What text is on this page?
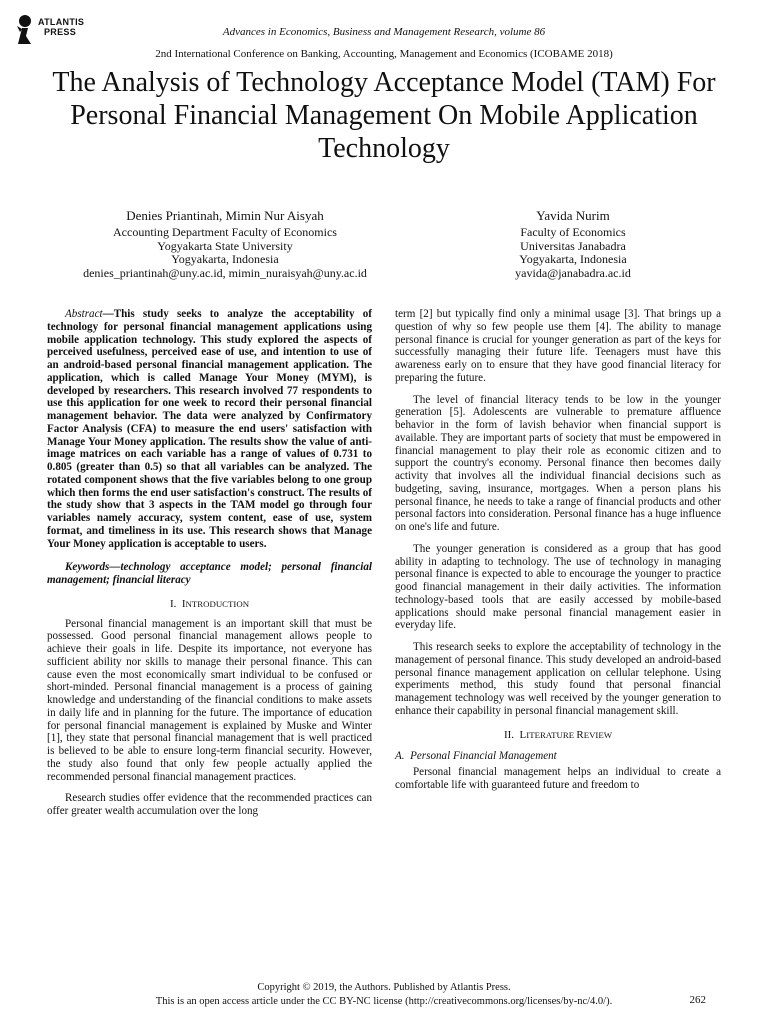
ATLANTIS
PRESS	Advances in Economics, Business and Management Research, volume 86
2nd International Conference on Banking, Accounting, Management and Economics (ICOBAME 2018)
The Analysis of Technology Acceptance Model (TAM) For Personal Financial Management On Mobile Application Technology
Denies Priantinah, Mimin Nur Aisyah
Accounting Department Faculty of Economics
Yogyakarta State University
Yogyakarta, Indonesia
denies_priantinah@uny.ac.id, mimin_nuraisyah@uny.ac.id
Yavida Nurim
Faculty of Economics
Universitas Janabadra
Yogyakarta, Indonesia
yavida@janabadra.ac.id

Abstract—This study seeks to analyze the acceptability of technology for personal financial management applications using mobile application technology. This study explored the aspects of perceived usefulness, perceived ease of use, and intention to use of an android-based personal financial management application. The application, which is called Manage Your Money (MYM), is developed by researchers. This research involved 77 respondents to use this application for one week to record their personal financial management behavior. The data were analyzed by Confirmatory Factor Analysis (CFA) to measure the end users' satisfaction with Manage Your Money application. The results show the value of anti-image matrices on each variable has a range of values of 0.731 to 0.805 (greater than 0.5) so that all variables can be analyzed. The rotated component shows that the five variables belong to one group which then forms the end user satisfaction's construct. The results of the study show that 3 aspects in the TAM model go through four variables namely accuracy, system content, ease of use, system format, and timeliness in its use. This research shows that Manage Your Money application is acceptable to users.

Keywords—technology acceptance model; personal financial management; financial literacy

I. INTRODUCTION

Personal financial management is an important skill that must be possessed. Good personal financial management allows people to achieve their goals in life. Despite its importance, not everyone has sufficient ability nor skills to manage their personal finance. This can cause even the most economically smart individual to be confused or short-minded. Personal financial management is a process of gaining knowledge and understanding of the financial conditions to make assets in daily life and in planning for the future. The importance of education for personal financial management is explained by Muske and Winter [1], they state that personal financial management that is well practiced is believed to be able to ensure long-term financial security. However, the study also found that only few people actually applied the recommended personal financial management practices.

Research studies offer evidence that the recommended practices can offer greater wealth accumulation over the long

term [2] but typically find only a minimal usage [3]. That brings up a question of why so few people use them [4]. The ability to manage personal finance is crucial for younger generation as part of the keys for successfully managing their future life. Teenagers must have this awareness early on to ensure that they have good financial literacy for preparing the future.

The level of financial literacy tends to be low in the younger generation [5]. Adolescents are vulnerable to premature affluence behavior in the form of lavish behavior when financial support is available. They are important parts of society that must be empowered in financial management to play their role as economic citizen and to support the country's economy. Personal finance then becomes daily activity that involves all the individual financial decisions such as budgeting, saving, insurance, mortgages. When a person plans his personal finance, he needs to take a range of financial products and other personal factors into consideration. Personal finance has a huge influence on one's life and future.

The younger generation is considered as a group that has good ability in adapting to technology. The use of technology in managing personal finance is expected to able to encourage the younger to practice good financial management in their daily activities. The information technology-based tools that are easily accessed by mobile-based applications should make personal financial management easier in everyday life.

This research seeks to explore the acceptability of technology in the management of personal finance. This study developed an android-based personal finance management application on cellular telephone. Using experiments method, this study found that personal financial management technology was well received by the younger generation to enhance their capability in personal financial management skill.

II. LITERATURE REVIEW
A. Personal Financial Management

Personal financial management helps an individual to create a comfortable life with guaranteed future and freedom to

Copyright © 2019, the Authors. Published by Atlantis Press.
This is an open access article under the CC BY-NC license (http://creativecommons.org/licenses/by-nc/4.0/).	262
